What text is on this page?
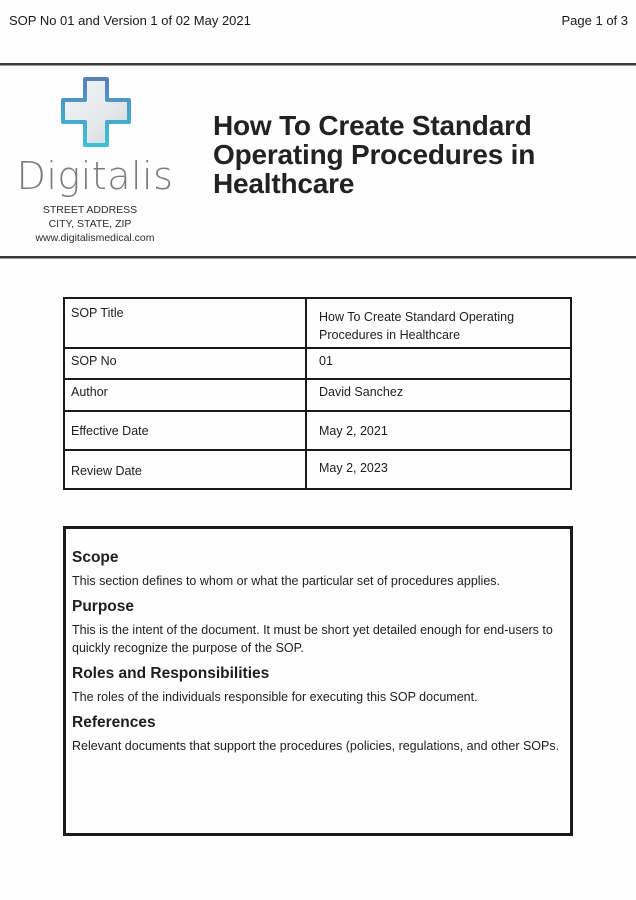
SOP No 01 and Version 1 of 02 May 2021	Page 1 of 3
Digitalis
STREET ADDRESS
CITY, STATE, ZIP
www.digitalismedical.com
How To Create Standard Operating Procedures in Healthcare
SOP Title	How To Create Standard Operating Procedures in Healthcare
SOP No	01
Author	David Sanchez
Effective Date	May 2, 2021
Review Date	May 2, 2023
Scope

This section defines to whom or what the particular set of procedures applies.

Purpose

This is the intent of the document. It must be short yet detailed enough for end-users to quickly recognize the purpose of the SOP.

Roles and Responsibilities

The roles of the individuals responsible for executing this SOP document.

References

Relevant documents that support the procedures (policies, regulations, and other SOPs.
